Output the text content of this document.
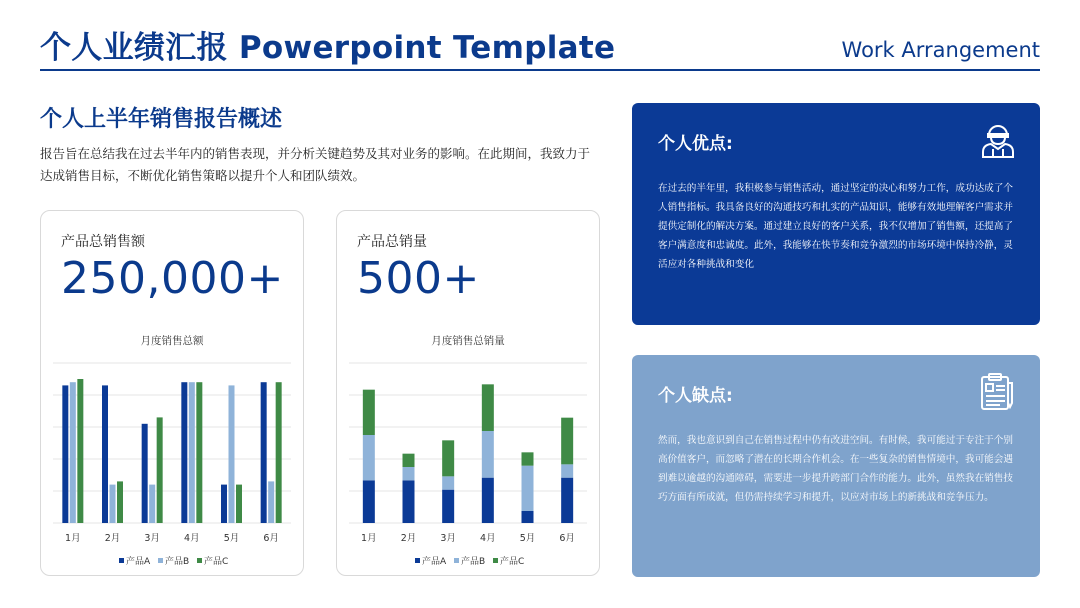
个人业绩汇报 Powerpoint Template	Work Arrangement
个人上半年销售报告概述
报告旨在总结我在过去半年内的销售表现，并分析关键趋势及其对业务的影响。在此期间，我致力于达成销售目标，不断优化销售策略以提升个人和团队绩效。
产品总销售额
250,000+
月度销售总额
1月	2月	3月	4月	5月	6月
产品A 产品B 产品C
产品总销量
500+
月度销售总销量
1月	2月	3月	4月	5月	6月
产品A 产品B 产品C
个人优点:
在过去的半年里，我积极参与销售活动，通过坚定的决心和努力工作，成功达成了个人销售指标。我具备良好的沟通技巧和扎实的产品知识，能够有效地理解客户需求并提供定制化的解决方案。通过建立良好的客户关系，我不仅增加了销售额，还提高了客户满意度和忠诚度。此外，我能够在快节奏和竞争激烈的市场环境中保持冷静，灵活应对各种挑战和变化
个人缺点:
然而，我也意识到自己在销售过程中仍有改进空间。有时候，我可能过于专注于个别高价值客户，而忽略了潜在的长期合作机会。在一些复杂的销售情境中，我可能会遇到难以逾越的沟通障碍，需要进一步提升跨部门合作的能力。此外，虽然我在销售技巧方面有所成就，但仍需持续学习和提升，以应对市场上的新挑战和竞争压力。
